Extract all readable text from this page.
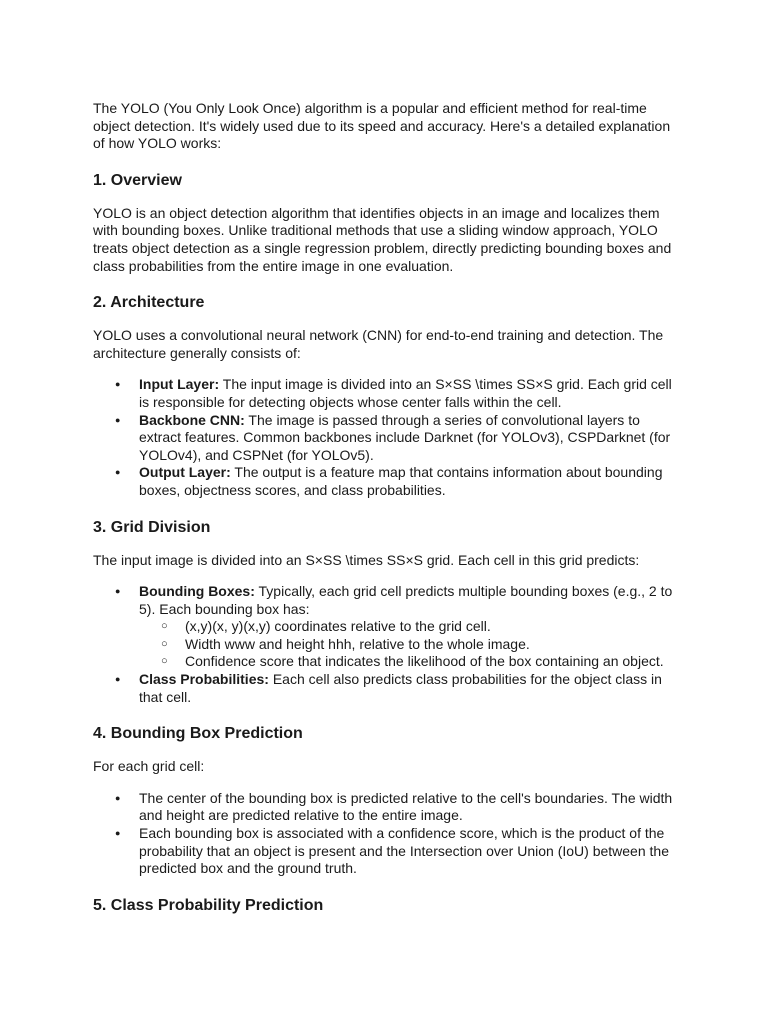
The YOLO (You Only Look Once) algorithm is a popular and efficient method for real-time object detection. It's widely used due to its speed and accuracy. Here's a detailed explanation of how YOLO works:

1. Overview

YOLO is an object detection algorithm that identifies objects in an image and localizes them with bounding boxes. Unlike traditional methods that use a sliding window approach, YOLO treats object detection as a single regression problem, directly predicting bounding boxes and class probabilities from the entire image in one evaluation.

2. Architecture

YOLO uses a convolutional neural network (CNN) for end-to-end training and detection. The architecture generally consists of:

● Input Layer: The input image is divided into an S×SS \times SS×S grid. Each grid cell is responsible for detecting objects whose center falls within the cell.
● Backbone CNN: The image is passed through a series of convolutional layers to extract features. Common backbones include Darknet (for YOLOv3), CSPDarknet (for YOLOv4), and CSPNet (for YOLOv5).
● Output Layer: The output is a feature map that contains information about bounding boxes, objectness scores, and class probabilities.
3. Grid Division

The input image is divided into an S×SS \times SS×S grid. Each cell in this grid predicts:

● Bounding Boxes: Typically, each grid cell predicts multiple bounding boxes (e.g., 2 to 5). Each bounding box has:
○ (x,y)(x, y)(x,y) coordinates relative to the grid cell.
○ Width www and height hhh, relative to the whole image.
○ Confidence score that indicates the likelihood of the box containing an object.
● Class Probabilities: Each cell also predicts class probabilities for the object class in that cell.
4. Bounding Box Prediction

For each grid cell:

● The center of the bounding box is predicted relative to the cell's boundaries. The width and height are predicted relative to the entire image.
● Each bounding box is associated with a confidence score, which is the product of the probability that an object is present and the Intersection over Union (IoU) between the predicted box and the ground truth.
5. Class Probability Prediction
